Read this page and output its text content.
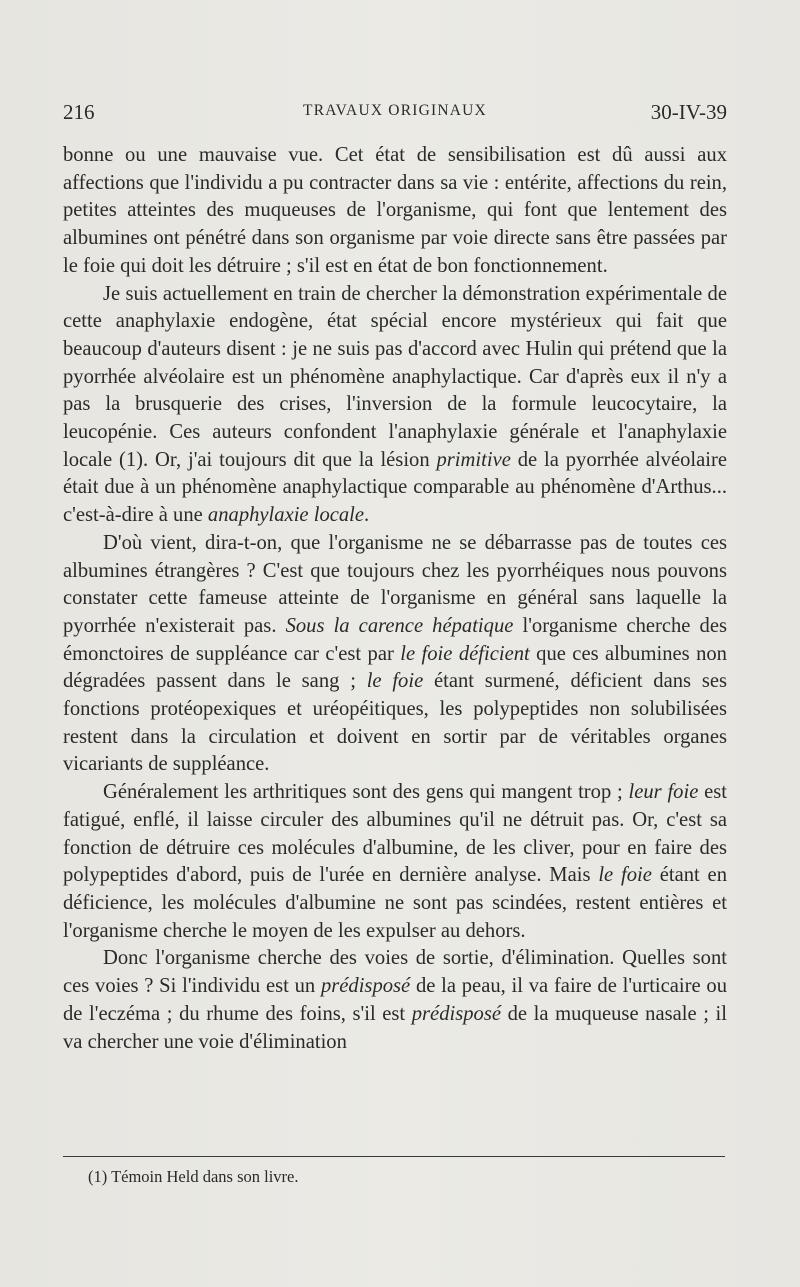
216	TRAVAUX ORIGINAUX	30-IV-39

bonne ou une mauvaise vue. Cet état de sensibilisation est dû aussi aux affections que l'individu a pu contracter dans sa vie : entérite, affections du rein, petites atteintes des muqueuses de l'organisme, qui font que lentement des albumines ont pénétré dans son organisme par voie directe sans être passées par le foie qui doit les détruire ; s'il est en état de bon fonctionnement.

Je suis actuellement en train de chercher la démonstration expérimentale de cette anaphylaxie endogène, état spécial encore mystérieux qui fait que beaucoup d'auteurs disent : je ne suis pas d'accord avec Hulin qui prétend que la pyorrhée alvéolaire est un phénomène anaphylactique. Car d'après eux il n'y a pas la brusquerie des crises, l'inversion de la formule leucocytaire, la leucopénie. Ces auteurs confondent l'anaphylaxie générale et l'anaphylaxie locale (1). Or, j'ai toujours dit que la lésion primitive de la pyorrhée alvéolaire était due à un phénomène anaphylactique comparable au phénomène d'Arthus... c'est-à-dire à une anaphylaxie locale.

D'où vient, dira-t-on, que l'organisme ne se débarrasse pas de toutes ces albumines étrangères ? C'est que toujours chez les pyorrhéiques nous pouvons constater cette fameuse atteinte de l'organisme en général sans laquelle la pyorrhée n'existerait pas. Sous la carence hépatique l'organisme cherche des émonctoires de suppléance car c'est par le foie déficient que ces albumines non dégradées passent dans le sang ; le foie étant surmené, déficient dans ses fonctions protéopexiques et uréopéitiques, les polypeptides non solubilisées restent dans la circulation et doivent en sortir par de véritables organes vicariants de suppléance.

Généralement les arthritiques sont des gens qui mangent trop ; leur foie est fatigué, enflé, il laisse circuler des albumines qu'il ne détruit pas. Or, c'est sa fonction de détruire ces molécules d'albumine, de les cliver, pour en faire des polypeptides d'abord, puis de l'urée en dernière analyse. Mais le foie étant en déficience, les molécules d'albumine ne sont pas scindées, restent entières et l'organisme cherche le moyen de les expulser au dehors.

Donc l'organisme cherche des voies de sortie, d'élimination. Quelles sont ces voies ? Si l'individu est un prédisposé de la peau, il va faire de l'urticaire ou de l'eczéma ; du rhume des foins, s'il est prédisposé de la muqueuse nasale ; il va chercher une voie d'élimination

(1) Témoin Held dans son livre.
